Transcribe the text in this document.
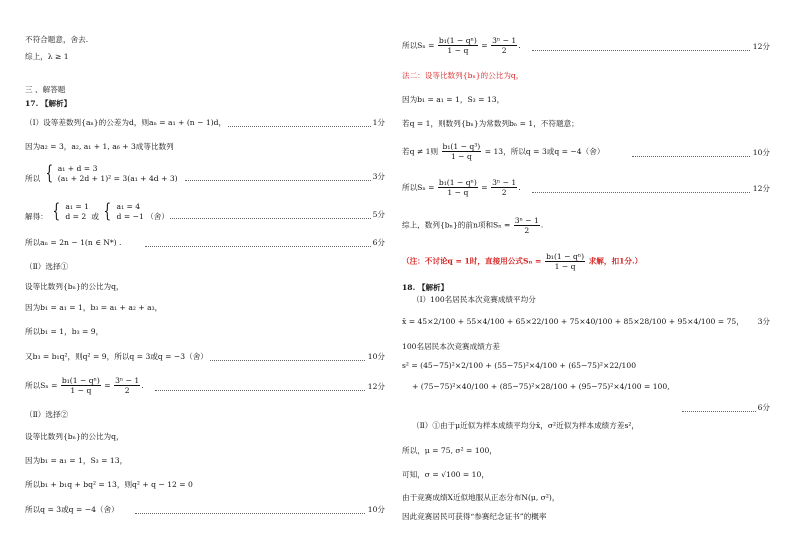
不符合题意，舍去.
综上，λ ≥ 1
三 、解答题
17. 【解析】
（Ⅰ）设等差数列{aₙ}的公差为d，则aₙ = a₁ + (n − 1)d，	1分
因为a₂ = 3，a₂, a₁ + 1, a₆ + 3成等比数列
所以 { a₁ + d = 3
(a₁ + 2d + 1)² = 3(a₁ + 4d + 3)	3分
解得： { a₁ = 1
d = 2 或 { a₁ = 4
d = −1 （舍）	5分
所以aₙ = 2n − 1(n ∈ N*) .	6分
（Ⅱ）选择①
设等比数列{bₙ}的公比为q，
因为b₁ = a₁ = 1，b₃ = a₁ + a₂ + a₃，
所以b₁ = 1，b₃ = 9，
又b₃ = b₁q²，则q² = 9，所以q = 3或q = −3（舍）	10分
所以$S_n = \frac{\text{b₁(1 − qⁿ)}}{1 - q} = \frac{\text{3ⁿ − 1}}{2}$ .	12分
（Ⅱ）选择②
设等比数列{bₙ}的公比为q，
因为b₁ = a₁ = 1，S₃ = 13，
所以b₁ + b₁q + bq² = 13，则q² + q − 12 = 0
所以q = 3或q = −4（舍）	10分
所以$S_n = \frac{\text{b₁(1 − qⁿ)}}{1 - q} = \frac{\text{3ⁿ − 1}}{2}$ .	12分
法二：设等比数列{bₙ}的公比为q，
因为b₁ = a₁ = 1，S₃ = 13，
若q = 1，则数列{bₙ}为常数列bₙ = 1，不符题意；
若q ≠ 1则 $\frac{\text{b₁(1 − q³)}}{1 - q} = 13$，所以q = 3或q = −4（舍）	10分
所以$S_n = \frac{\text{b₁(1 − qⁿ)}}{1 - q} = \frac{\text{3ⁿ − 1}}{2}$ .	12分
综上，数列{bₙ}的前n项和$S_n = \frac{\text{3ⁿ − 1}}{2}$ .
（注：不讨论q = 1时，直接用公式$S_n = \frac{\text{b₁(1 − qⁿ)}}{1 - q}$ 求解，扣1分.）
18. 【解析】
（Ⅰ）100名居民本次竞赛成绩平均分
x̄ = 45×2/100 + 55×4/100 + 65×22/100 + 75×40/100 + 85×28/100 + 95×4/100 = 75， 3分
100名居民本次竞赛成绩方差
s² = (45−75)²×2/100 + (55−75)²×4/100 + (65−75)²×22/100
+ (75−75)²×40/100 + (85−75)²×28/100 + (95−75)²×4/100 = 100,
6分
（Ⅱ）①由于μ近似为样本成绩平均分x̄，σ²近似为样本成绩方差s²，
所以，μ = 75, σ² = 100，
可知，σ = √100 = 10，
由于竞赛成绩X近似地服从正态分布N(μ, σ²)，
因此竞赛居民可获得“参赛纪念证书”的概率
